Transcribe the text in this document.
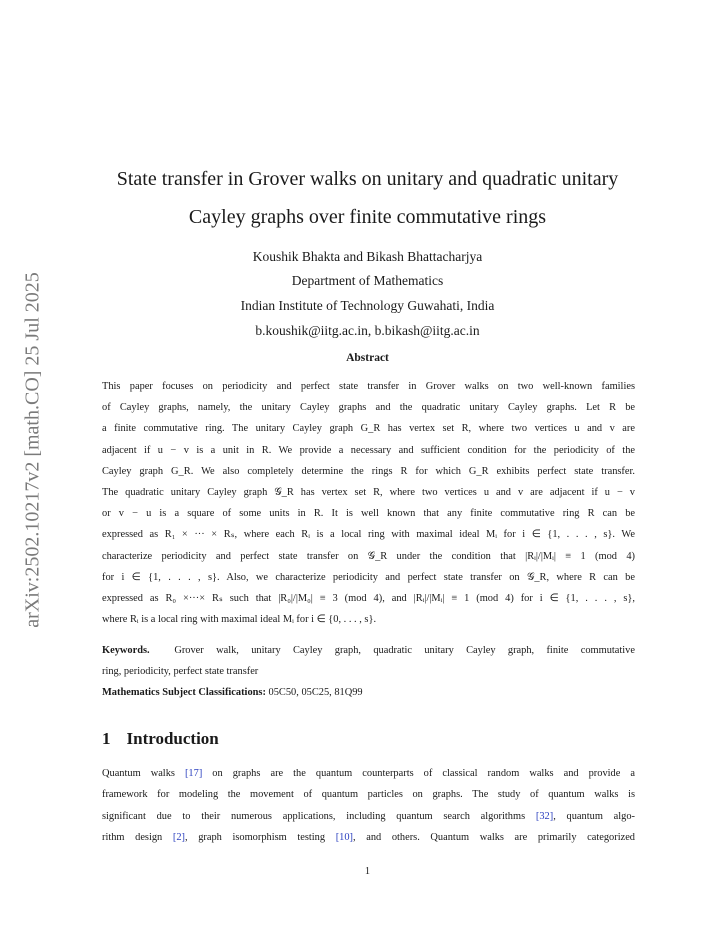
arXiv:2502.10217v2 [math.CO] 25 Jul 2025
State transfer in Grover walks on unitary and quadratic unitary
Cayley graphs over finite commutative rings
Koushik Bhakta and Bikash Bhattacharjya
Department of Mathematics
Indian Institute of Technology Guwahati, India
b.koushik@iitg.ac.in, b.bikash@iitg.ac.in
Abstract
This paper focuses on periodicity and perfect state transfer in Grover walks on two well-known families
of Cayley graphs, namely, the unitary Cayley graphs and the quadratic unitary Cayley graphs. Let R be
a finite commutative ring. The unitary Cayley graph G_R has vertex set R, where two vertices u and v are
adjacent if u − v is a unit in R. We provide a necessary and sufficient condition for the periodicity of the
Cayley graph G_R. We also completely determine the rings R for which G_R exhibits perfect state transfer.
The quadratic unitary Cayley graph 𝒢_R has vertex set R, where two vertices u and v are adjacent if u − v
or v − u is a square of some units in R. It is well known that any finite commutative ring R can be
expressed as R₁ × ··· × Rₛ, where each Rᵢ is a local ring with maximal ideal Mᵢ for i ∈ {1, . . . , s}. We
characterize periodicity and perfect state transfer on 𝒢_R under the condition that |Rᵢ|/|Mᵢ| ≡ 1 (mod 4)
for i ∈ {1, . . . , s}. Also, we characterize periodicity and perfect state transfer on 𝒢_R, where R can be
expressed as R₀ ×···× Rₛ such that |R₀|/|M₀| ≡ 3 (mod 4), and |Rᵢ|/|Mᵢ| ≡ 1 (mod 4) for i ∈ {1, . . . , s},
where Rᵢ is a local ring with maximal ideal Mᵢ for i ∈ {0, . . . , s}.
Keywords. Grover walk, unitary Cayley graph, quadratic unitary Cayley graph, finite commutative
ring, periodicity, perfect state transfer
Mathematics Subject Classifications: 05C50, 05C25, 81Q99
1 Introduction
Quantum walks [17] on graphs are the quantum counterparts of classical random walks and provide a
framework for modeling the movement of quantum particles on graphs. The study of quantum walks is
significant due to their numerous applications, including quantum search algorithms [32], quantum algo-
rithm design [2], graph isomorphism testing [10], and others. Quantum walks are primarily categorized
1
